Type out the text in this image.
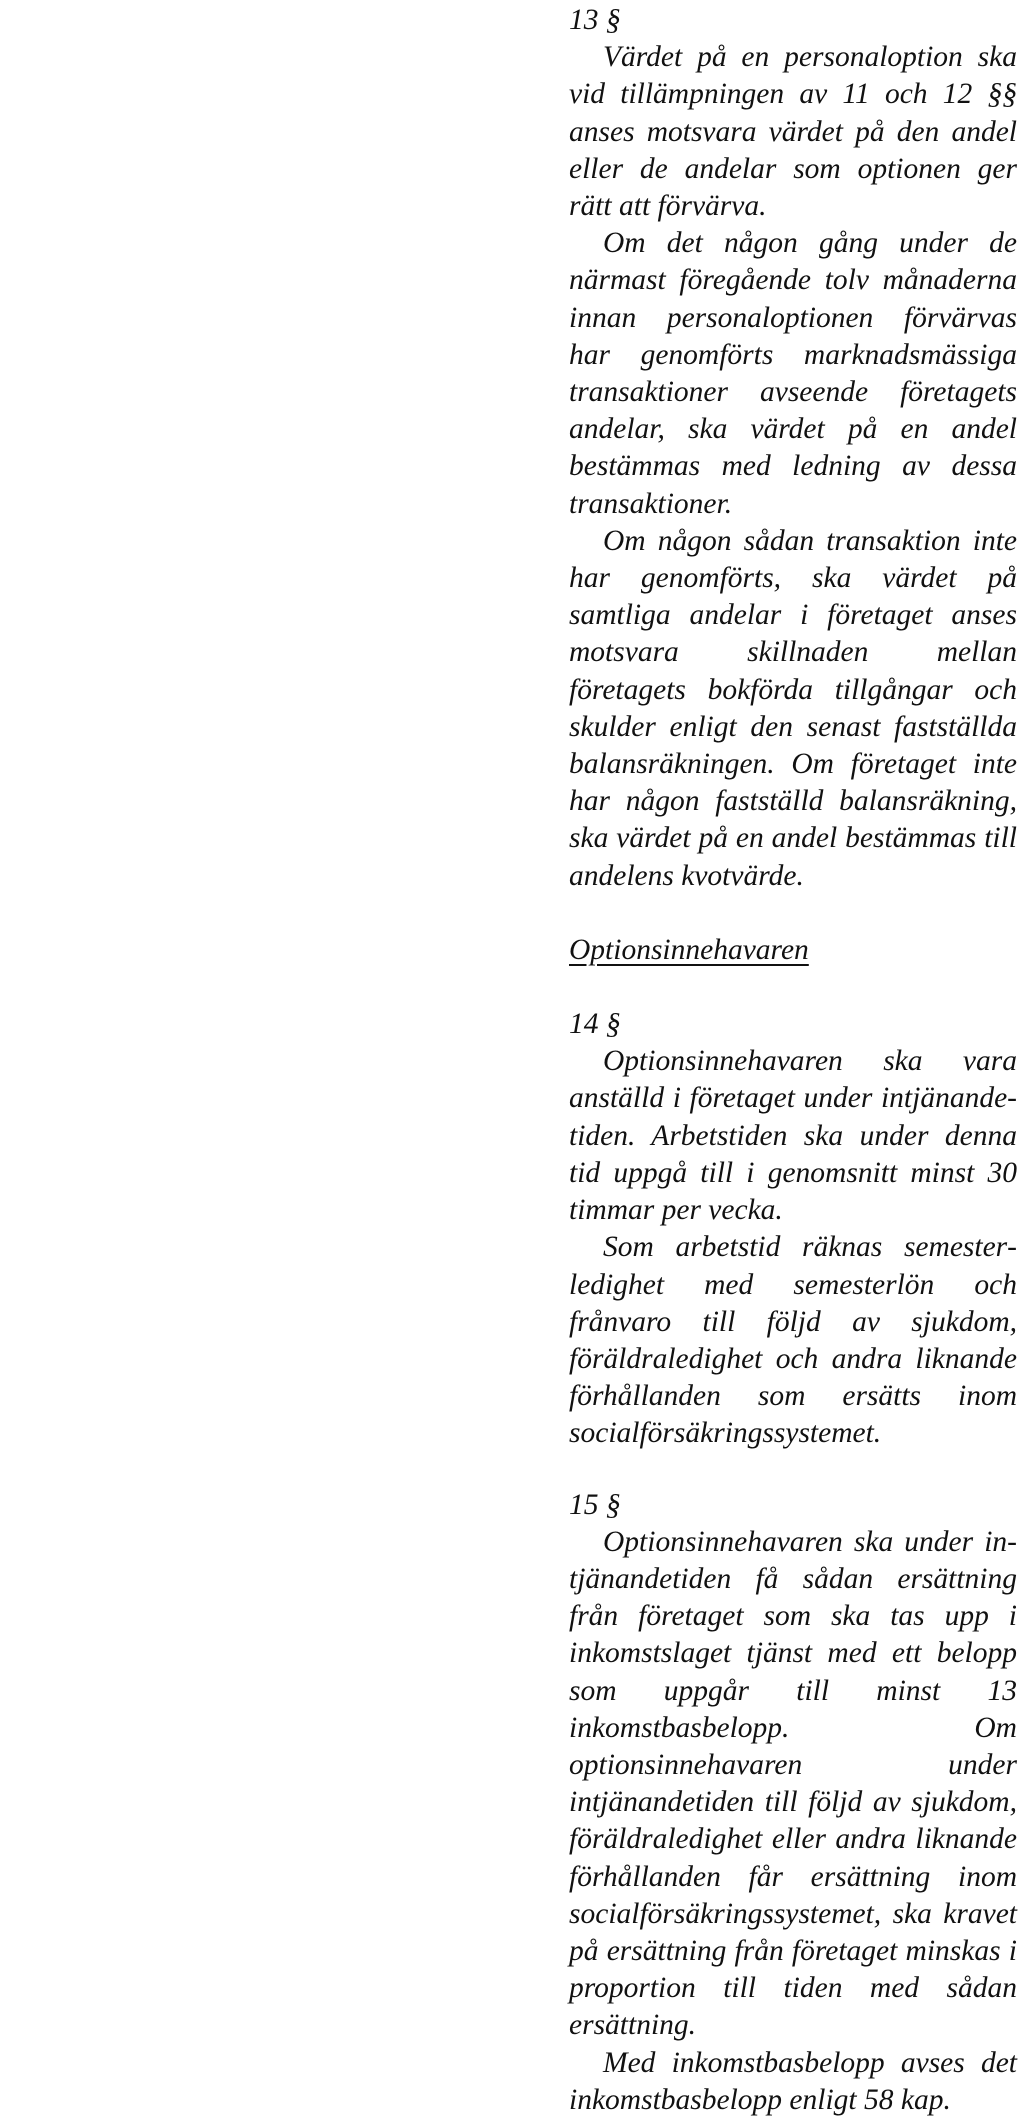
13 §

Värdet på en personaloption ska vid tillämpningen av 11 och 12 §§ anses motsvara värdet på den andel eller de andelar som optionen ger rätt att förvärva.

Om det någon gång under de närmast föregående tolv månaderna innan personaloptionen förvärvas har genomförts marknadsmässiga transaktioner avseende företagets andelar, ska värdet på en andel bestämmas med ledning av dessa transaktioner.

Om någon sådan transaktion inte har genomförts, ska värdet på samtliga andelar i företaget anses motsvara skillnaden mellan företagets bokförda tillgångar och skulder enligt den senast fastställda balansräkningen. Om företaget inte har någon fastställd balansräkning, ska värdet på en andel bestämmas till andelens kvotvärde.

Optionsinnehavaren

14 §

Optionsinnehavaren ska vara anställd i företaget under intjänandetiden. Arbetstiden ska under denna tid uppgå till i genomsnitt minst 30 timmar per vecka.

Som arbetstid räknas semesterledighet med semesterlön och frånvaro till följd av sjukdom, föräldraledighet och andra liknande förhållanden som ersätts inom socialförsäkringssystemet.

15 §

Optionsinnehavaren ska under intjänandetiden få sådan ersättning från företaget som ska tas upp i inkomstslaget tjänst med ett belopp som uppgår till minst 13 inkomstbasbelopp. Om optionsinnehavaren under intjänandetiden till följd av sjukdom, föräldraledighet eller andra liknande förhållanden får ersättning inom socialförsäkringssystemet, ska kravet på ersättning från företaget minskas i proportion till tiden med sådan ersättning.

Med inkomstbasbelopp avses det inkomstbasbelopp enligt 58 kap.
